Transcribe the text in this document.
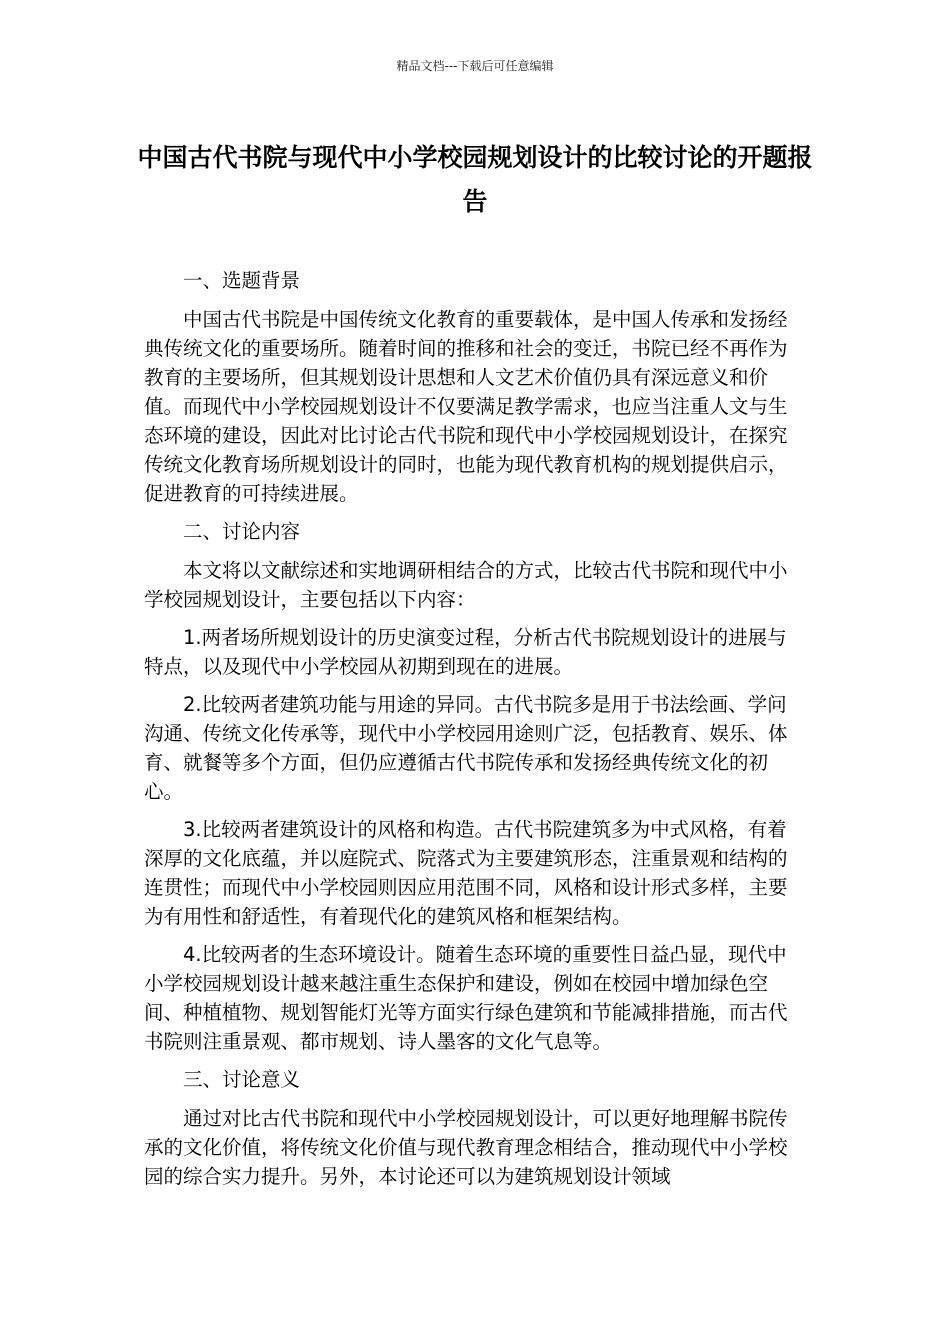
精品文档---下载后可任意编辑
中国古代书院与现代中小学校园规划设计的比较讨论的开题报告

一、选题背景

中国古代书院是中国传统文化教育的重要载体，是中国人传承和发扬经典传统文化的重要场所。随着时间的推移和社会的变迁，书院已经不再作为教育的主要场所，但其规划设计思想和人文艺术价值仍具有深远意义和价值。而现代中小学校园规划设计不仅要满足教学需求，也应当注重人文与生态环境的建设，因此对比讨论古代书院和现代中小学校园规划设计，在探究传统文化教育场所规划设计的同时，也能为现代教育机构的规划提供启示，促进教育的可持续进展。

二、讨论内容

本文将以文献综述和实地调研相结合的方式，比较古代书院和现代中小学校园规划设计，主要包括以下内容：

1.两者场所规划设计的历史演变过程，分析古代书院规划设计的进展与特点，以及现代中小学校园从初期到现在的进展。

2.比较两者建筑功能与用途的异同。古代书院多是用于书法绘画、学问沟通、传统文化传承等，现代中小学校园用途则广泛，包括教育、娱乐、体育、就餐等多个方面，但仍应遵循古代书院传承和发扬经典传统文化的初心。

3.比较两者建筑设计的风格和构造。古代书院建筑多为中式风格，有着深厚的文化底蕴，并以庭院式、院落式为主要建筑形态，注重景观和结构的连贯性；而现代中小学校园则因应用范围不同，风格和设计形式多样，主要为有用性和舒适性，有着现代化的建筑风格和框架结构。

4.比较两者的生态环境设计。随着生态环境的重要性日益凸显，现代中小学校园规划设计越来越注重生态保护和建设，例如在校园中增加绿色空间、种植植物、规划智能灯光等方面实行绿色建筑和节能减排措施，而古代书院则注重景观、都市规划、诗人墨客的文化气息等。

三、讨论意义

通过对比古代书院和现代中小学校园规划设计，可以更好地理解书院传承的文化价值，将传统文化价值与现代教育理念相结合，推动现代中小学校园的综合实力提升。另外，本讨论还可以为建筑规划设计领域
